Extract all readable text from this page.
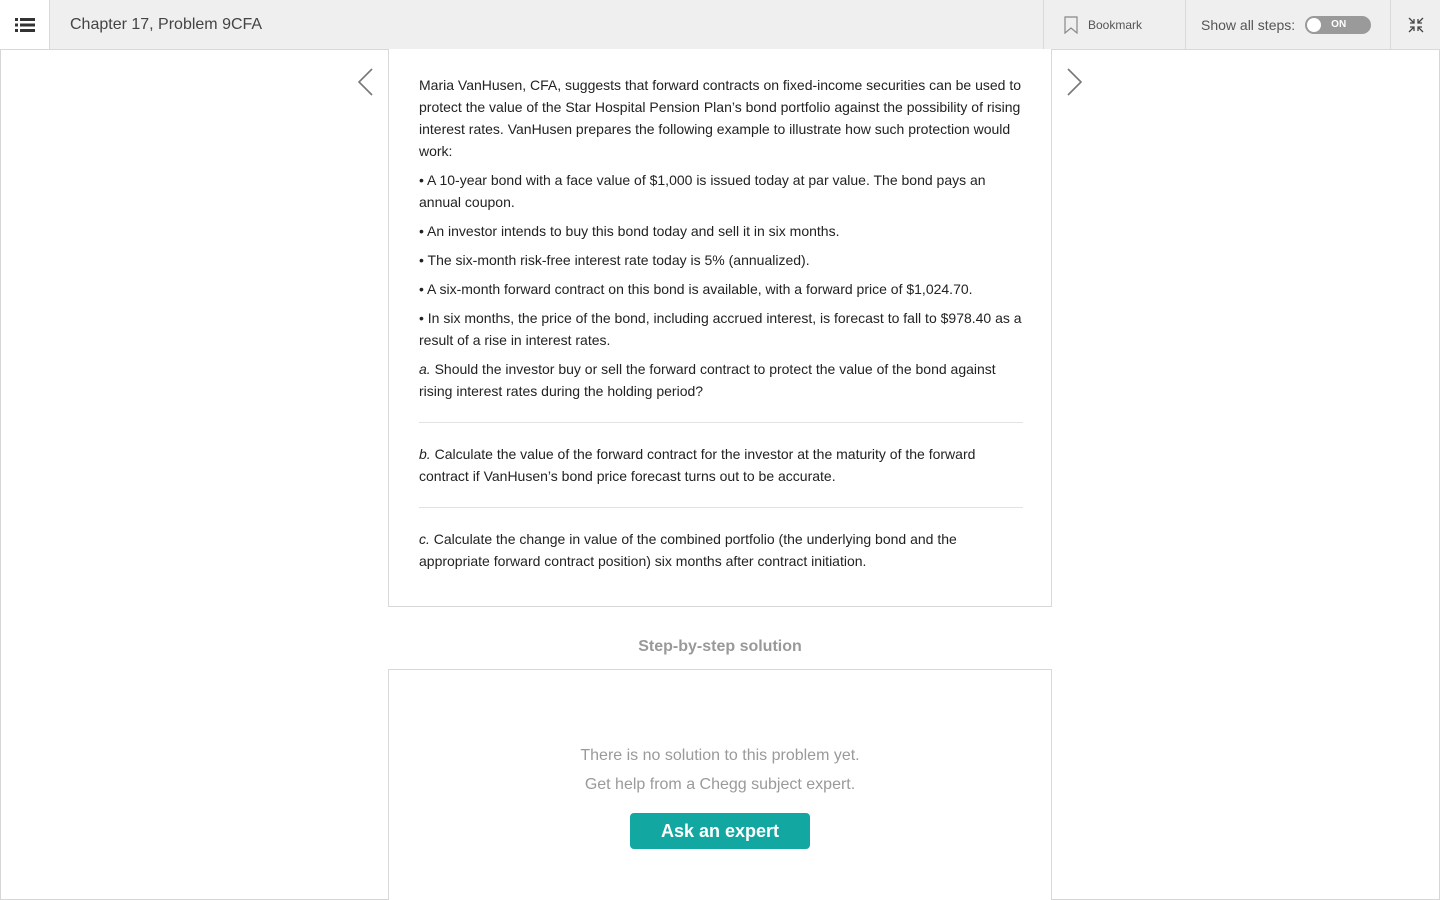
Chapter 17, Problem 9CFA	Bookmark	Show all steps:	ON

Maria VanHusen, CFA, suggests that forward contracts on fixed-income securities can be used to protect the value of the Star Hospital Pension Plan’s bond portfolio against the possibility of rising interest rates. VanHusen prepares the following example to illustrate how such protection would work:

• A 10-year bond with a face value of $1,000 is issued today at par value. The bond pays an annual coupon.

• An investor intends to buy this bond today and sell it in six months.

• The six-month risk-free interest rate today is 5% (annualized).

• A six-month forward contract on this bond is available, with a forward price of $1,024.70.

• In six months, the price of the bond, including accrued interest, is forecast to fall to $978.40 as a result of a rise in interest rates.

a. Should the investor buy or sell the forward contract to protect the value of the bond against rising interest rates during the holding period?

b. Calculate the value of the forward contract for the investor at the maturity of the forward contract if VanHusen’s bond price forecast turns out to be accurate.

c. Calculate the change in value of the combined portfolio (the underlying bond and the appropriate forward contract position) six months after contract initiation.

Step-by-step solution
There is no solution to this problem yet.
Get help from a Chegg subject expert.
Ask an expert
